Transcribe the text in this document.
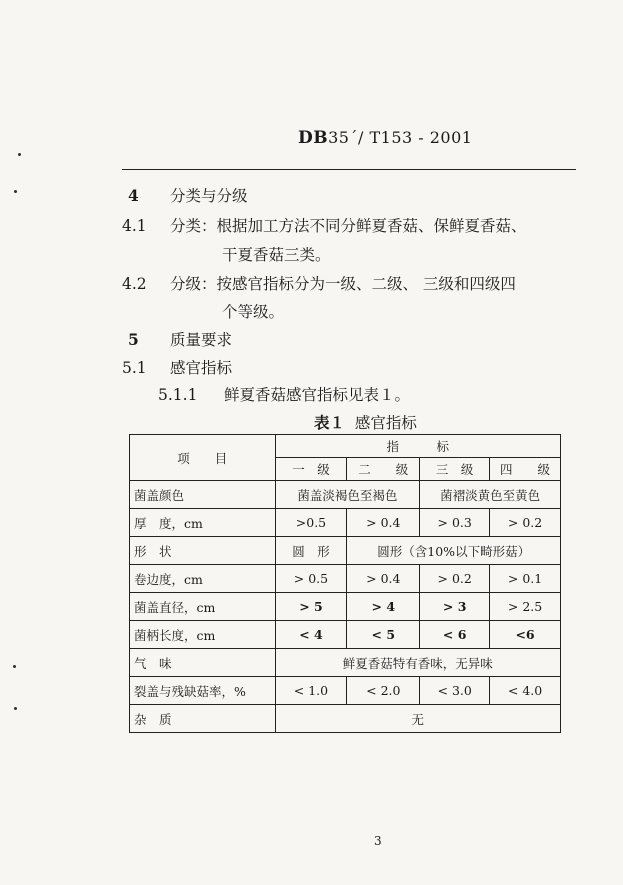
DB35ˊ/ T153 - 2001
4 分类与分级
4.1 分类：根据加工方法不同分鲜夏香菇、保鲜夏香菇、
干夏香菇三类。
4.2 分级：按感官指标分为一级、二级、 三级和四级四
个等级。
5 质量要求
5.1 感官指标
5.1.1 鲜夏香菇感官指标见表１。
表１ 感官指标
项　　目	指　　　标			
	一　级	二　　级	三　级	四　　级
菌盖颜色	菌盖淡褐色至褐色		菌褶淡黄色至黄色	
厚　度，cm	>0.5	> 0.4	> 0.3	> 0.2
形　状	圆　形	圆形（含10%以下畸形菇）		
卷边度，cm	> 0.5	> 0.4	> 0.2	> 0.1
菌盖直径，cm	> 5	> 4	> 3	> 2.5
菌柄长度，cm	< 4	< 5	< 6	<6
气　味	鲜夏香菇特有香味，无异味			
裂盖与残缺菇率，%	< 1.0	< 2.0	< 3.0	< 4.0
杂　质	无			
3
